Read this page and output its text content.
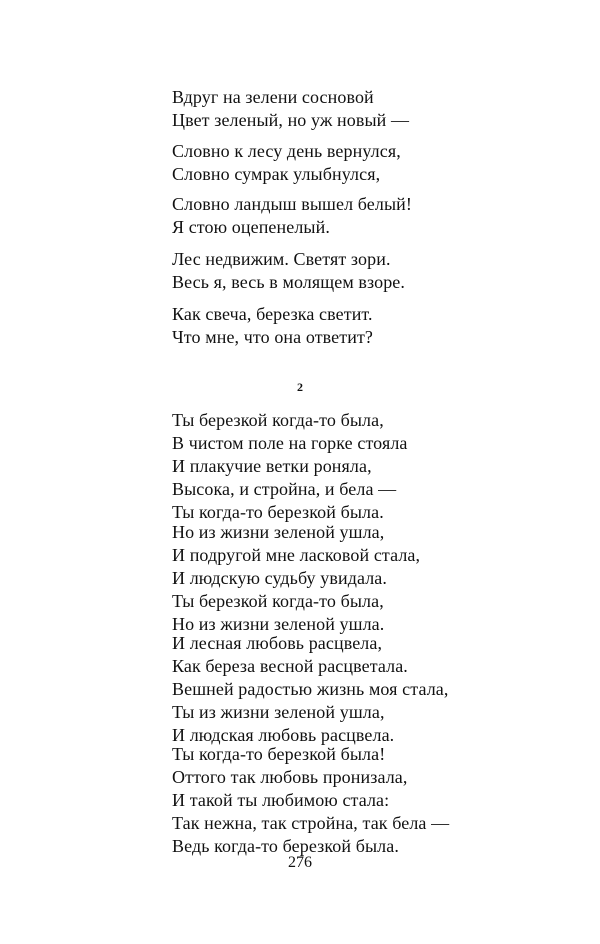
Вдруг на зелени сосновой
Цвет зеленый, но уж новый —
Словно к лесу день вернулся,
Словно сумрак улыбнулся,
Словно ландыш вышел белый!
Я стою оцепенелый.
Лес недвижим. Светят зори.
Весь я, весь в молящем взоре.
Как свеча, березка светит.
Что мне, что она ответит?
2
Ты березкой когда-то была,
В чистом поле на горке стояла
И плакучие ветки роняла,
Высока, и стройна, и бела —
Ты когда-то березкой была.
Но из жизни зеленой ушла,
И подругой мне ласковой стала,
И людскую судьбу увидала.
Ты березкой когда-то была,
Но из жизни зеленой ушла.
И лесная любовь расцвела,
Как береза весной расцветала.
Вешней радостью жизнь моя стала,
Ты из жизни зеленой ушла,
И людская любовь расцвела.
Ты когда-то березкой была!
Оттого так любовь пронизала,
И такой ты любимою стала:
Так нежна, так стройна, так бела —
Ведь когда-то березкой была.
276
